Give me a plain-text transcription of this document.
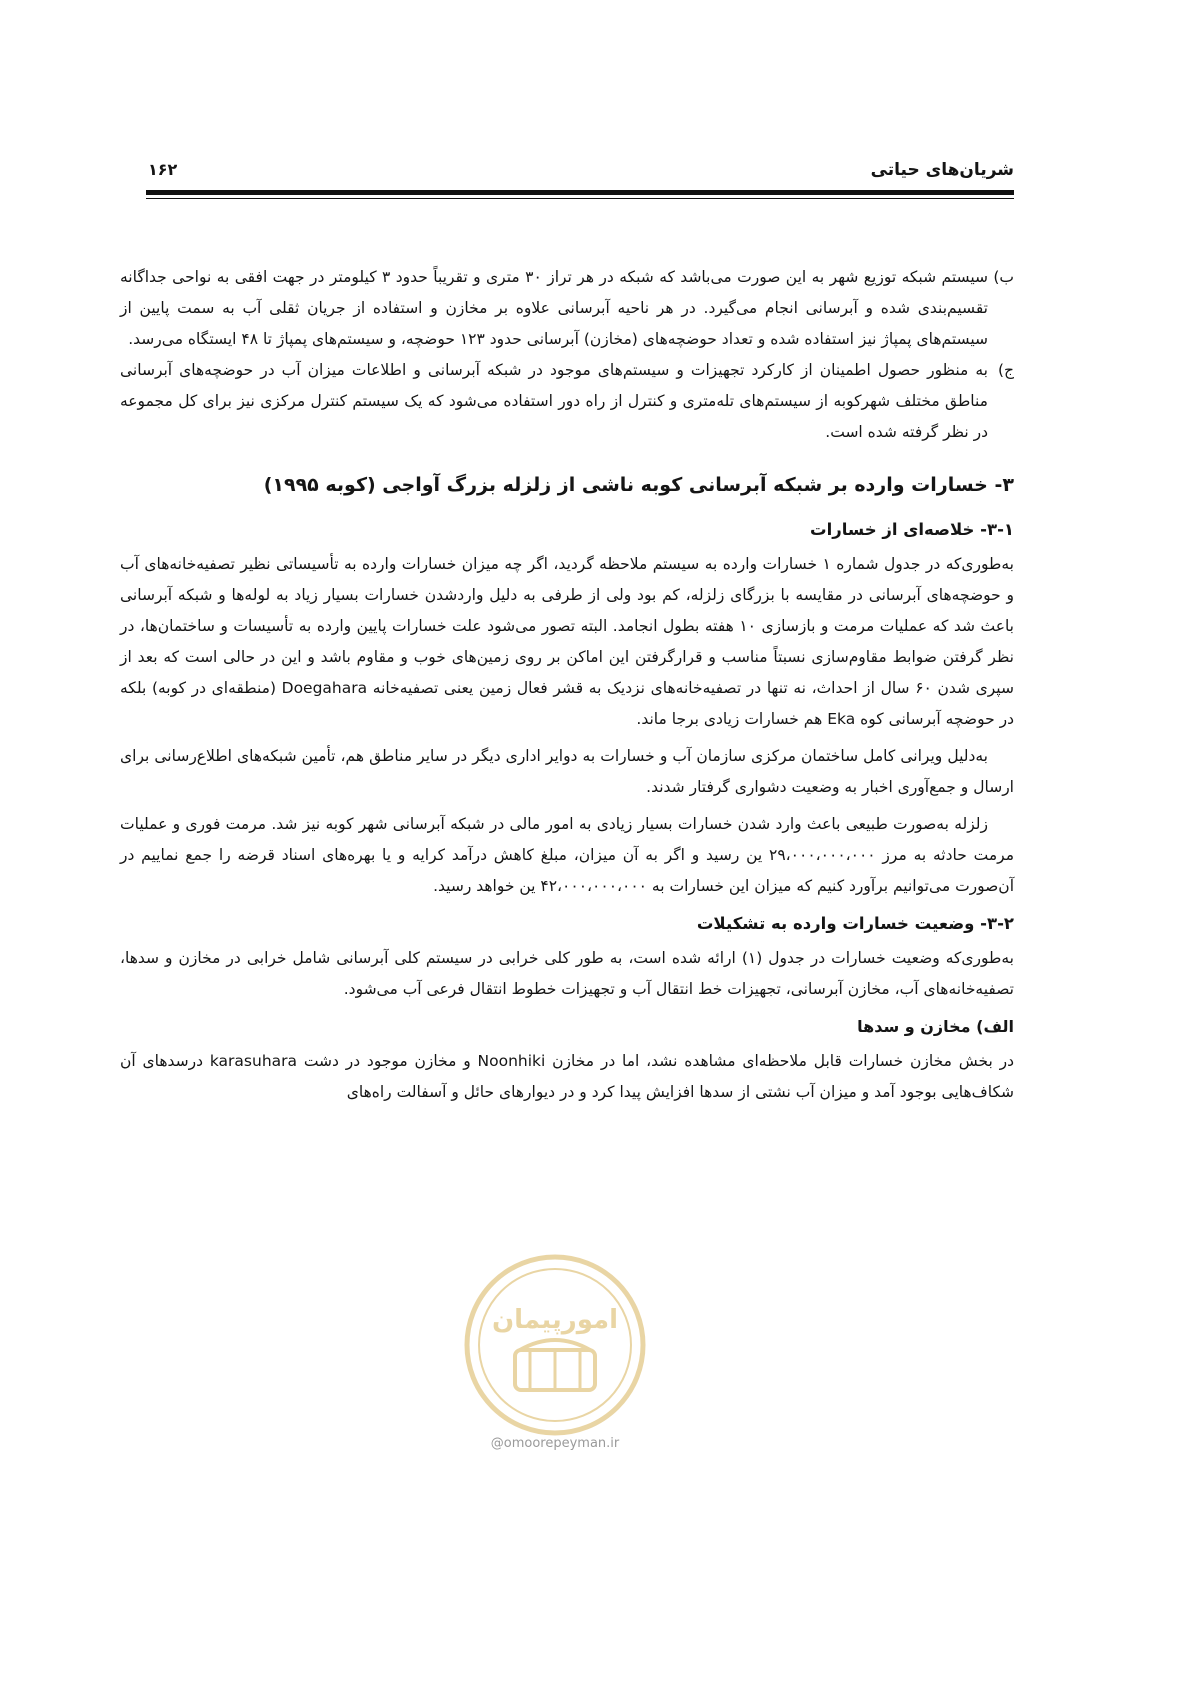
شریان‌های حیاتی
۱۶۲

ب)سیستم شبکه توزیع شهر به این صورت می‌باشد که شبکه در هر تراز ۳۰ متری و تقریباً حدود ۳ کیلومتر در جهت افقی به نواحی جداگانه تقسیم‌بندی شده و آبرسانی انجام می‌گیرد. در هر ناحیه آبرسانی علاوه بر مخازن و استفاده از جریان ثقلی آب به سمت پایین از سیستم‌های پمپاژ نیز استفاده شده و تعداد حوضچه‌های (مخازن) آبرسانی حدود ۱۲۳ حوضچه، و سیستم‌های پمپاژ تا ۴۸ ایستگاه می‌رسد.

ج)به منظور حصول اطمینان از کارکرد تجهیزات و سیستم‌های موجود در شبکه آبرسانی و اطلاعات میزان آب در حوضچه‌های آبرسانی مناطق مختلف شهرکوبه از سیستم‌های تله‌متری و کنترل از راه دور استفاده می‌شود که یک سیستم کنترل مرکزی نیز برای کل مجموعه در نظر گرفته شده است.

۳- خسارات وارده بر شبکه آبرسانی کوبه ناشی از زلزله بزرگ آواجی (کوبه ۱۹۹۵)
۳-۱- خلاصه‌ای از خسارات

به‌طوری‌که در جدول شماره ۱ خسارات وارده به سیستم ملاحظه گردید، اگر چه میزان خسارات وارده به تأسیساتی نظیر تصفیه‌خانه‌های آب و حوضچه‌های آبرسانی در مقایسه با بزرگای زلزله، کم بود ولی از طرفی به دلیل واردشدن خسارات بسیار زیاد به لوله‌ها و شبکه آبرسانی باعث شد که عملیات مرمت و بازسازی ۱۰ هفته بطول انجامد. البته تصور می‌شود علت خسارات پایین وارده به تأسیسات و ساختمان‌ها، در نظر گرفتن ضوابط مقاوم‌سازی نسبتاً مناسب و قرارگرفتن این اماکن بر روی زمین‌های خوب و مقاوم باشد و این در حالی است که بعد از سپری شدن ۶۰ سال از احداث، نه تنها در تصفیه‌خانه‌های نزدیک به قشر فعال زمین یعنی تصفیه‌خانه Doegahara (منطقه‌ای در کوبه) بلکه در حوضچه آبرسانی کوه Eka هم خسارات زیادی برجا ماند.

به‌دلیل ویرانی کامل ساختمان مرکزی سازمان آب و خسارات به دوایر اداری دیگر در سایر مناطق هم، تأمین شبکه‌های اطلاع‌رسانی برای ارسال و جمع‌آوری اخبار به وضعیت دشواری گرفتار شدند.

زلزله به‌صورت طبیعی باعث وارد شدن خسارات بسیار زیادی به امور مالی در شبکه آبرسانی شهر کوبه نیز شد. مرمت فوری و عملیات مرمت حادثه به مرز ۲۹،۰۰۰،۰۰۰،۰۰۰ ین رسید و اگر به آن میزان، مبلغ کاهش درآمد کرایه و یا بهره‌های اسناد قرضه را جمع نماییم در آن‌صورت می‌توانیم برآورد کنیم که میزان این خسارات به ۴۲،۰۰۰،۰۰۰،۰۰۰ ین خواهد رسید.

۳-۲- وضعیت خسارات وارده به تشکیلات

به‌طوری‌که وضعیت خسارات در جدول (۱) ارائه شده است، به طور کلی خرابی در سیستم کلی آبرسانی شامل خرابی در مخازن و سدها، تصفیه‌خانه‌های آب، مخازن آبرسانی، تجهیزات خط انتقال آب و تجهیزات خطوط انتقال فرعی آب می‌شود.

الف) مخازن و سدها

در بخش مخازن خسارات قابل ملاحظه‌ای مشاهده نشد، اما در مخازن Noonhiki و مخازن موجود در دشت karasuhara درسدهای آن شکاف‌هایی بوجود آمد و میزان آب نشتی از سدها افزایش پیدا کرد و در دیوارهای حائل و آسفالت راه‌های

امورپیمان
@omoorepeyman.ir
